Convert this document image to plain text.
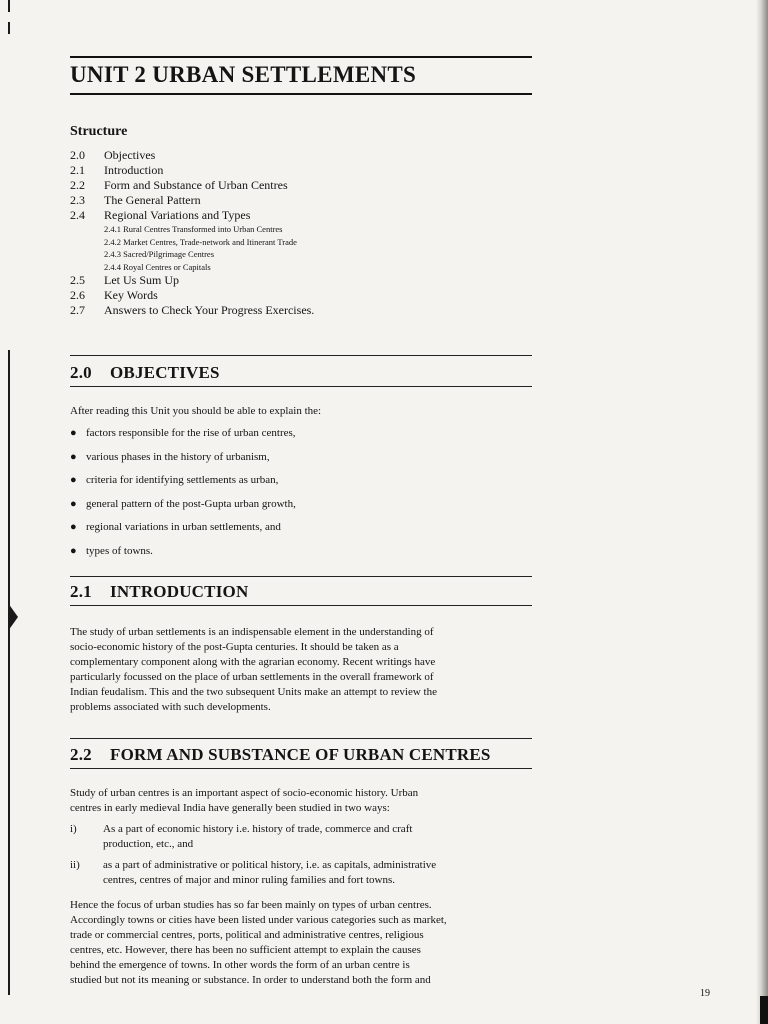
UNIT 2 URBAN SETTLEMENTS
Structure
2.0	Objectives
2.1	Introduction
2.2	Form and Substance of Urban Centres
2.3	The General Pattern
2.4	Regional Variations and Types
2.4.1 Rural Centres Transformed into Urban Centres
2.4.2 Market Centres, Trade-network and Itinerant Trade
2.4.3 Sacred/Pilgrimage Centres
2.4.4 Royal Centres or Capitals
2.5	Let Us Sum Up
2.6	Key Words
2.7	Answers to Check Your Progress Exercises.
2.0 OBJECTIVES
After reading this Unit you should be able to explain the:
● factors responsible for the rise of urban centres,
● various phases in the history of urbanism,
● criteria for identifying settlements as urban,
● general pattern of the post-Gupta urban growth,
● regional variations in urban settlements, and
● types of towns.
2.1 INTRODUCTION
The study of urban settlements is an indispensable element in the understanding of
socio-economic history of the post-Gupta centuries. It should be taken as a
complementary component along with the agrarian economy. Recent writings have
particularly focussed on the place of urban settlements in the overall framework of
Indian feudalism. This and the two subsequent Units make an attempt to review the
problems associated with such developments.
2.2 FORM AND SUBSTANCE OF URBAN CENTRES
Study of urban centres is an important aspect of socio-economic history. Urban
centres in early medieval India have generally been studied in two ways:
i)	As a part of economic history i.e. history of trade, commerce and craft
production, etc., and
ii)	as a part of administrative or political history, i.e. as capitals, administrative
centres, centres of major and minor ruling families and fort towns.
Hence the focus of urban studies has so far been mainly on types of urban centres.
Accordingly towns or cities have been listed under various categories such as market,
trade or commercial centres, ports, political and administrative centres, religious
centres, etc. However, there has been no sufficient attempt to explain the causes
behind the emergence of towns. In other words the form of an urban centre is
studied but not its meaning or substance. In order to understand both the form and
19
